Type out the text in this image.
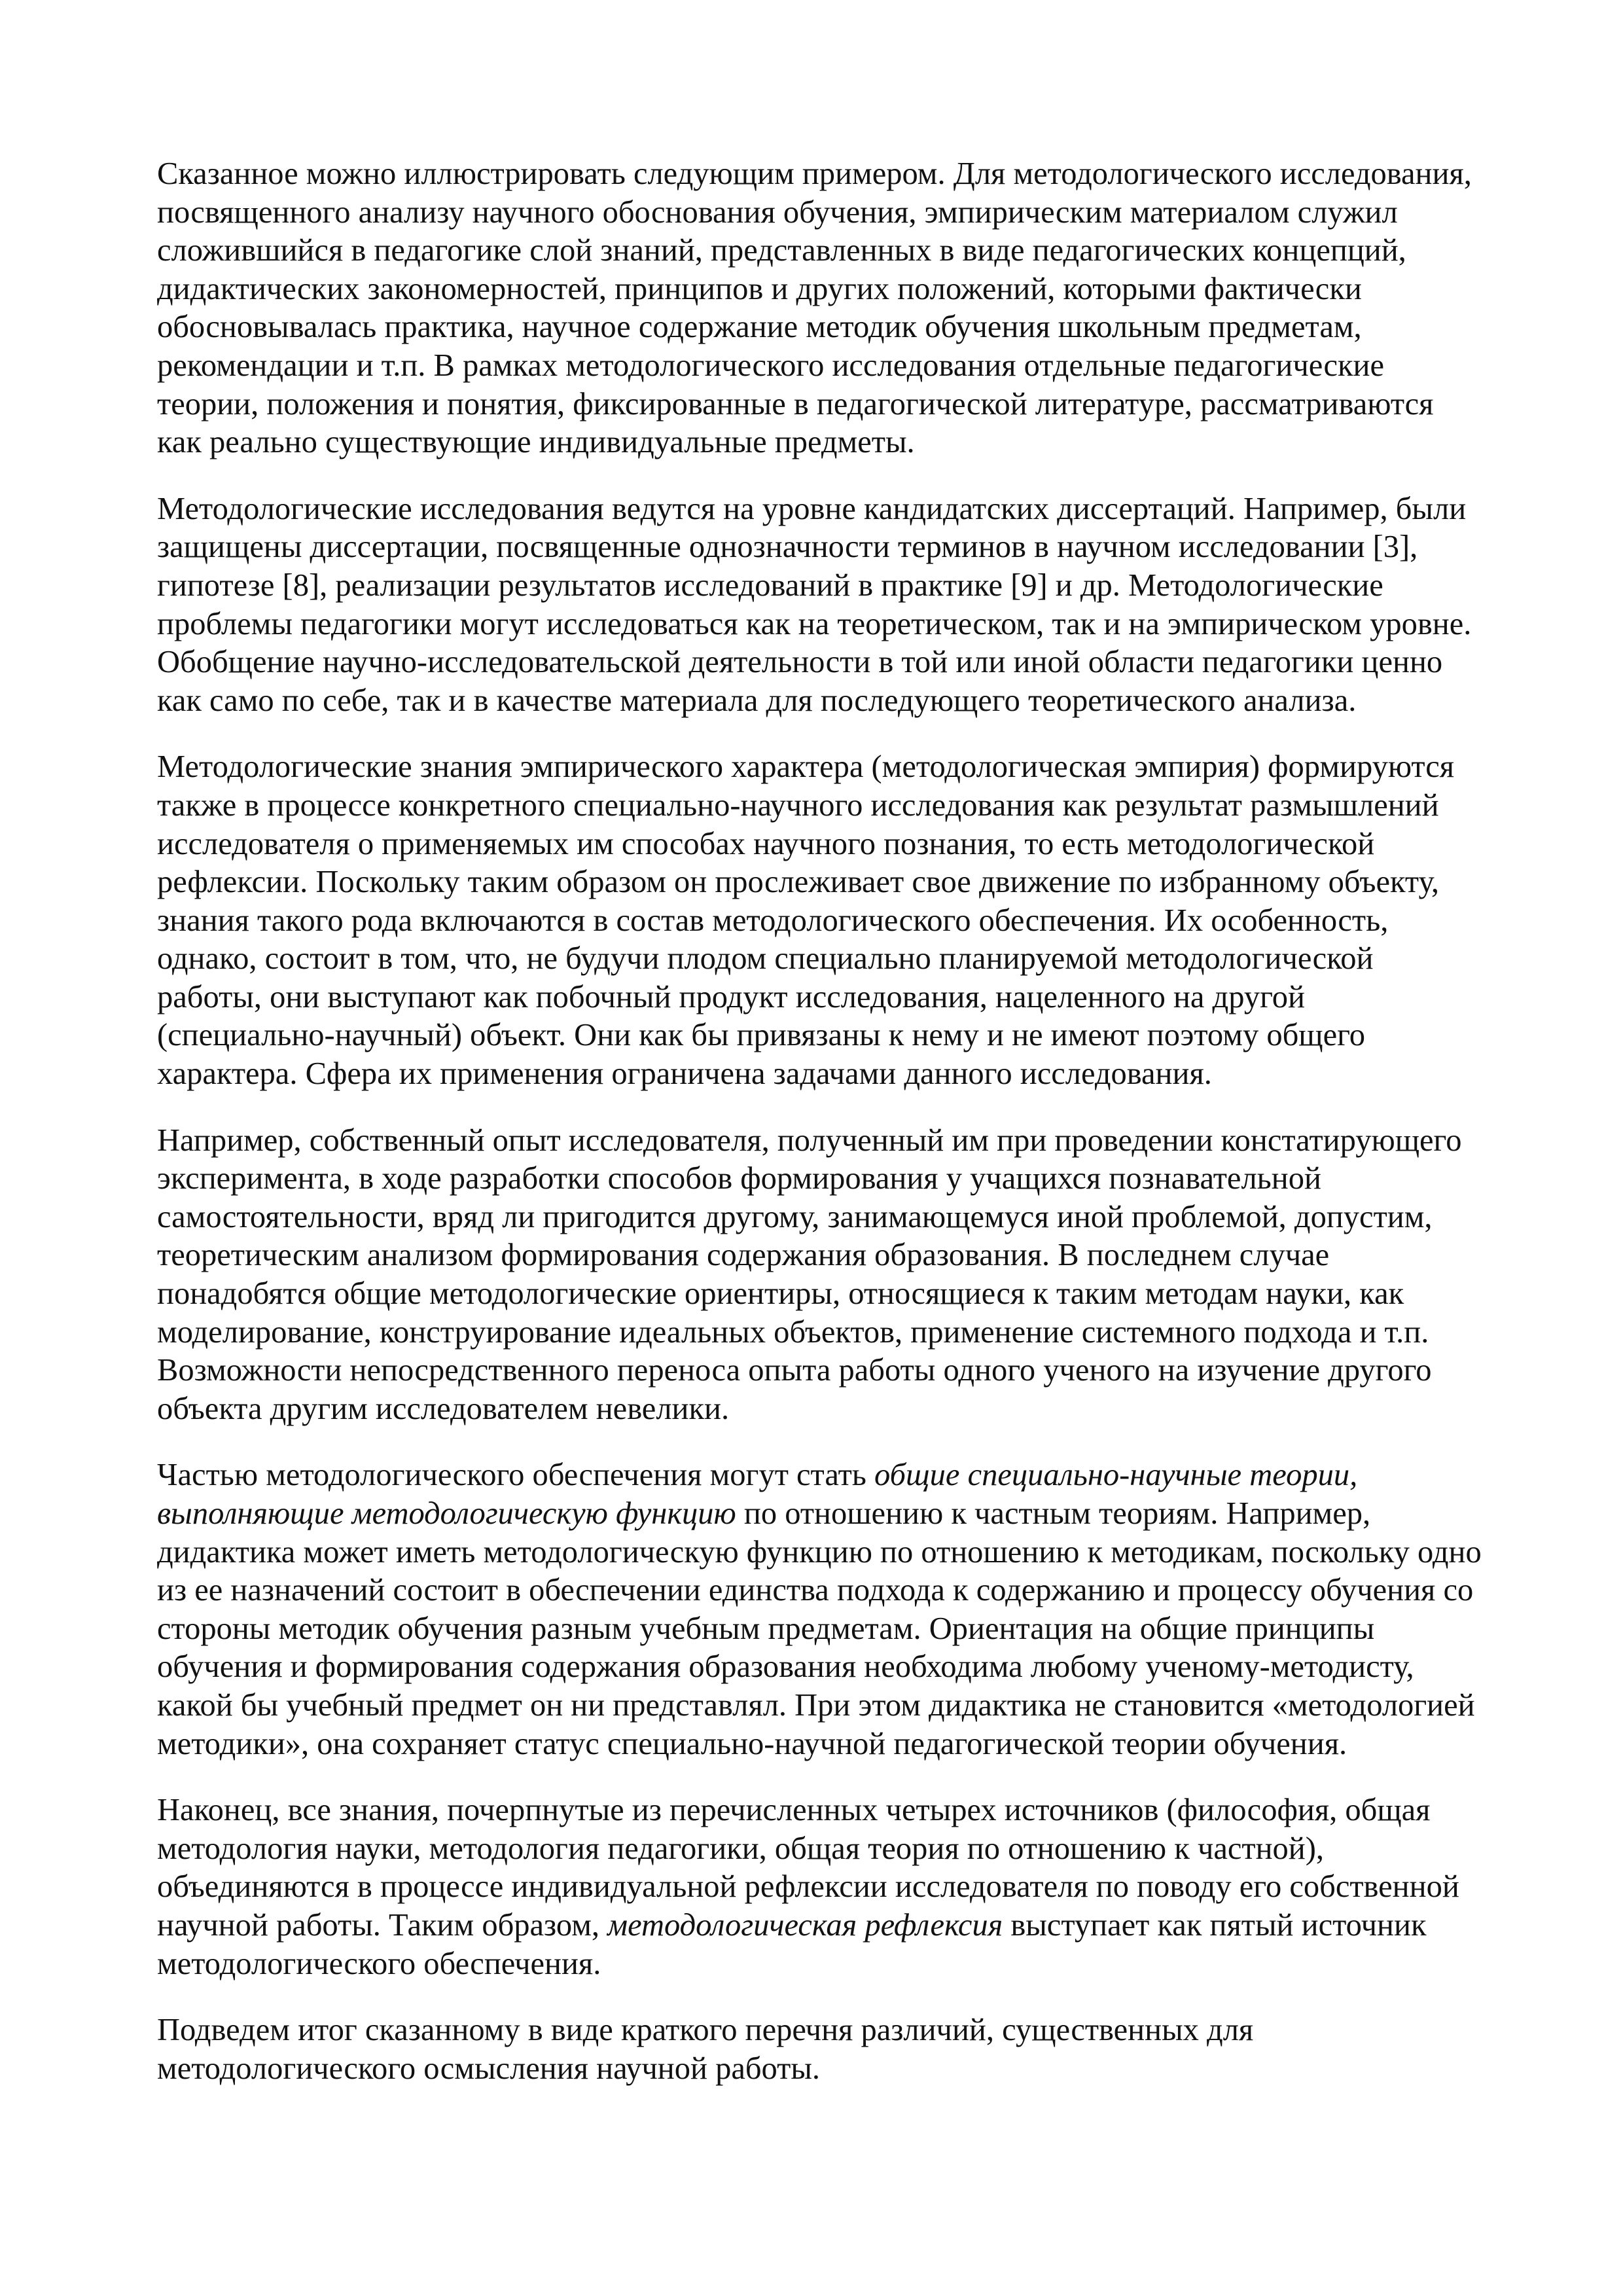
Сказанное можно иллюстрировать следующим примером. Для методологического исследования, посвященного анализу научного обоснования обучения, эмпирическим материалом служил сложившийся в педагогике слой знаний, представленных в виде педагогических концепций, дидактических закономерностей, принципов и других положений, которыми фактически обосновывалась практика, научное содержание методик обучения школьным предметам, рекомендации и т.п. В рамках методологического исследования отдельные педагогические теории, положения и понятия, фиксированные в педагогической литературе, рассматриваются как реально существующие индивидуальные предметы.

Методологические исследования ведутся на уровне кандидатских диссертаций. Например, были защищены диссертации, посвященные однозначности терминов в научном исследовании [3], гипотезе [8], реализации результатов исследований в практике [9] и др. Методологические проблемы педагогики могут исследоваться как на теоретическом, так и на эмпирическом уровне. Обобщение научно-исследовательской деятельности в той или иной области педагогики ценно как само по себе, так и в качестве материала для последующего теоретического анализа.

Методологические знания эмпирического характера (методологическая эмпирия) формируются также в процессе конкретного специально-научного исследования как результат размышлений исследователя о применяемых им способах научного познания, то есть методологической рефлексии. Поскольку таким образом он прослеживает свое движение по избранному объекту, знания такого рода включаются в состав методологического обеспечения. Их особенность, однако, состоит в том, что, не будучи плодом специально планируемой методологической работы, они выступают как побочный продукт исследования, нацеленного на другой (специально-научный) объект. Они как бы привязаны к нему и не имеют поэтому общего характера. Сфера их применения ограничена задачами данного исследования.

Например, собственный опыт исследователя, полученный им при проведении констатирующего эксперимента, в ходе разработки способов формирования у учащихся познавательной самостоятельности, вряд ли пригодится другому, занимающемуся иной проблемой, допустим, теоретическим анализом формирования содержания образования. В последнем случае понадобятся общие методологические ориентиры, относящиеся к таким методам науки, как моделирование, конструирование идеальных объектов, применение системного подхода и т.п. Возможности непосредственного переноса опыта работы одного ученого на изучение другого объекта другим исследователем невелики.

Частью методологического обеспечения могут стать общие специально-научные теории, выполняющие методологическую функцию по отношению к частным теориям. Например, дидактика может иметь методологическую функцию по отношению к методикам, поскольку одно из ее назначений состоит в обеспечении единства подхода к содержанию и процессу обучения со стороны методик обучения разным учебным предметам. Ориентация на общие принципы обучения и формирования содержания образования необходима любому ученому-методисту, какой бы учебный предмет он ни представлял. При этом дидактика не становится «методологией методики», она сохраняет статус специально-научной педагогической теории обучения.

Наконец, все знания, почерпнутые из перечисленных четырех источников (философия, общая методология науки, методология педагогики, общая теория по отношению к частной), объединяются в процессе индивидуальной рефлексии исследователя по поводу его собственной научной работы. Таким образом, методологическая рефлексия выступает как пятый источник методологического обеспечения.

Подведем итог сказанному в виде краткого перечня различий, существенных для методологического осмысления научной работы.
